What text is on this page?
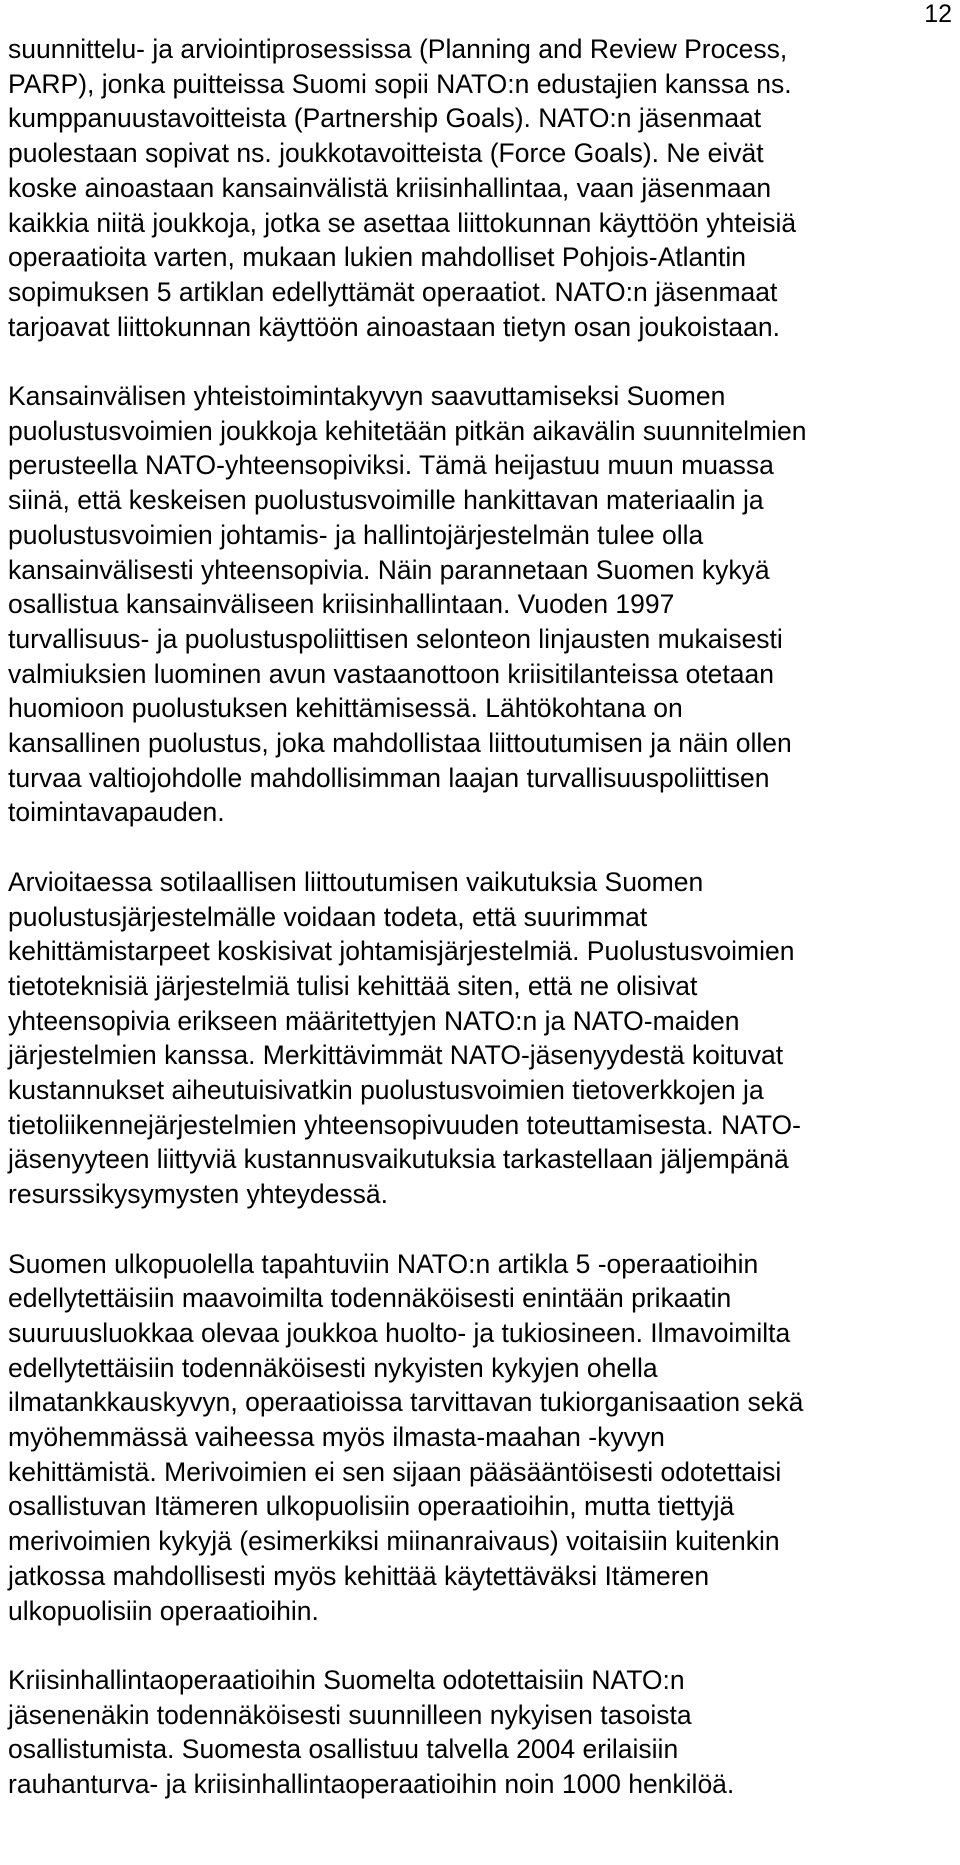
12
suunnittelu- ja arviointiprosessissa (Planning and Review Process,
PARP), jonka puitteissa Suomi sopii NATO:n edustajien kanssa ns.
kumppanuustavoitteista (Partnership Goals). NATO:n jäsenmaat
puolestaan sopivat ns. joukkotavoitteista (Force Goals). Ne eivät
koske ainoastaan kansainvälistä kriisinhallintaa, vaan jäsenmaan
kaikkia niitä joukkoja, jotka se asettaa liittokunnan käyttöön yhteisiä
operaatioita varten, mukaan lukien mahdolliset Pohjois-Atlantin
sopimuksen 5 artiklan edellyttämät operaatiot. NATO:n jäsenmaat
tarjoavat liittokunnan käyttöön ainoastaan tietyn osan joukoistaan.
Kansainvälisen yhteistoimintakyvyn saavuttamiseksi Suomen
puolustusvoimien joukkoja kehitetään pitkän aikavälin suunnitelmien
perusteella NATO-yhteensopiviksi. Tämä heijastuu muun muassa
siinä, että keskeisen puolustusvoimille hankittavan materiaalin ja
puolustusvoimien johtamis- ja hallintojärjestelmän tulee olla
kansainvälisesti yhteensopivia. Näin parannetaan Suomen kykyä
osallistua kansainväliseen kriisinhallintaan. Vuoden 1997
turvallisuus- ja puolustuspoliittisen selonteon linjausten mukaisesti
valmiuksien luominen avun vastaanottoon kriisitilanteissa otetaan
huomioon puolustuksen kehittämisessä. Lähtökohtana on
kansallinen puolustus, joka mahdollistaa liittoutumisen ja näin ollen
turvaa valtiojohdolle mahdollisimman laajan turvallisuuspoliittisen
toimintavapauden.
Arvioitaessa sotilaallisen liittoutumisen vaikutuksia Suomen
puolustusjärjestelmälle voidaan todeta, että suurimmat
kehittämistarpeet koskisivat johtamisjärjestelmiä. Puolustusvoimien
tietoteknisiä järjestelmiä tulisi kehittää siten, että ne olisivat
yhteensopivia erikseen määritettyjen NATO:n ja NATO-maiden
järjestelmien kanssa. Merkittävimmät NATO-jäsenyydestä koituvat
kustannukset aiheutuisivatkin puolustusvoimien tietoverkkojen ja
tietoliikennejärjestelmien yhteensopivuuden toteuttamisesta. NATO-
jäsenyyteen liittyviä kustannusvaikutuksia tarkastellaan jäljempänä
resurssikysymysten yhteydessä.
Suomen ulkopuolella tapahtuviin NATO:n artikla 5 -operaatioihin
edellytettäisiin maavoimilta todennäköisesti enintään prikaatin
suuruusluokkaa olevaa joukkoa huolto- ja tukiosineen. Ilmavoimilta
edellytettäisiin todennäköisesti nykyisten kykyjen ohella
ilmatankkauskyvyn, operaatioissa tarvittavan tukiorganisaation sekä
myöhemmässä vaiheessa myös ilmasta-maahan -kyvyn
kehittämistä. Merivoimien ei sen sijaan pääsääntöisesti odotettaisi
osallistuvan Itämeren ulkopuolisiin operaatioihin, mutta tiettyjä
merivoimien kykyjä (esimerkiksi miinanraivaus) voitaisiin kuitenkin
jatkossa mahdollisesti myös kehittää käytettäväksi Itämeren
ulkopuolisiin operaatioihin.
Kriisinhallintaoperaatioihin Suomelta odotettaisiin NATO:n
jäsenenäkin todennäköisesti suunnilleen nykyisen tasoista
osallistumista. Suomesta osallistuu talvella 2004 erilaisiin
rauhanturva- ja kriisinhallintaoperaatioihin noin 1000 henkilöä.
